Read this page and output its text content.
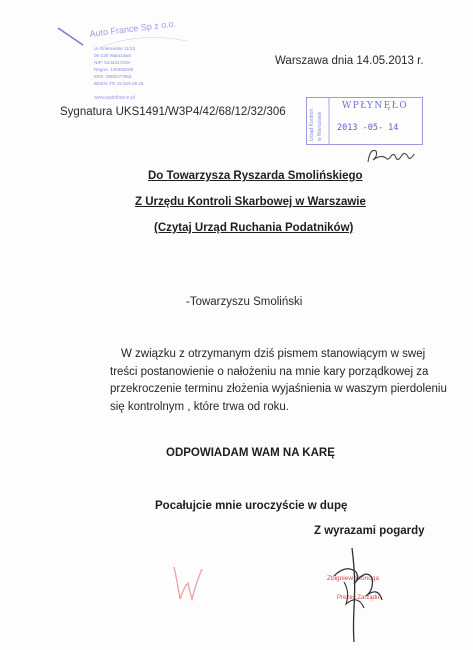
Auto France Sp z o.o.
ul. Krakowska 11/13
05-220 Warszawa
NIP: 5242317218
Regon: 140458208
KRS: 0000377862
BDSN: FR 15 815 06 25
www.autofrance.pl
Warszawa dnia 14.05.2013 r.
Sygnatura UKS1491/W3P4/42/68/12/32/306	Urząd Kontroli w Warszawie
WPŁYNĘŁO
2013 -05- 14
Do Towarzysza Ryszarda Smolińskiego
Z Urzędu Kontroli Skarbowej w Warszawie
(Czytaj Urząd Ruchania Podatników)
-Towarzyszu Smoliński
W związku z otrzymanym dziś pismem stanowiącym w swej
treści postanowienie o nałożeniu na mnie kary porządkowej za
przekroczenie terminu złożenia wyjaśnienia w waszym pierdoleniu
się kontrolnym , które trwa od roku.
ODPOWIADAM WAM NA KARĘ
Pocałujcie mnie uroczyście w dupę
Z wyrazami pogardy
Zbigniew Stonoga
Prezes Zarządu
